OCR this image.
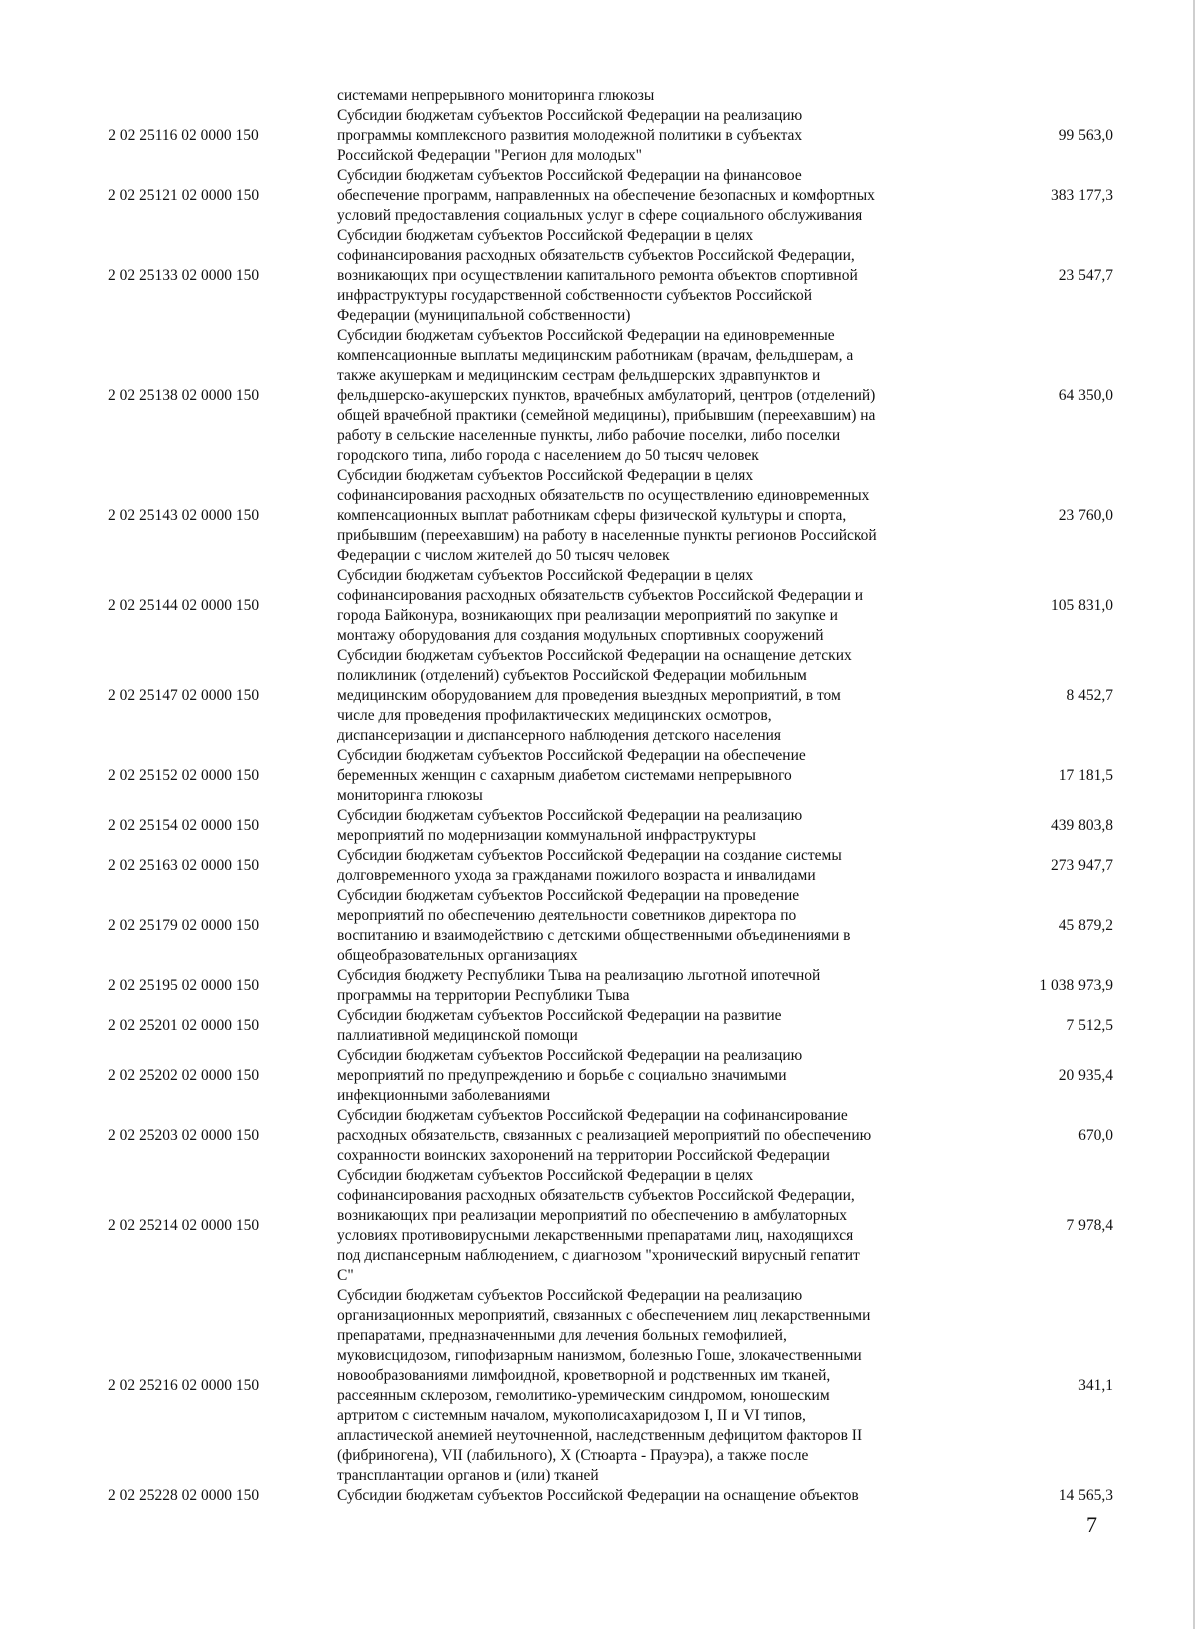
системами непрерывного мониторинга глюкозы
2 02 25116 02 0000 150
Субсидии бюджетам субъектов Российской Федерации на реализацию
программы комплексного развития молодежной политики в субъектах
Российской Федерации "Регион для молодых"
99 563,0
2 02 25121 02 0000 150
Субсидии бюджетам субъектов Российской Федерации на финансовое
обеспечение программ, направленных на обеспечение безопасных и комфортных
условий предоставления социальных услуг в сфере социального обслуживания
383 177,3
2 02 25133 02 0000 150
Субсидии бюджетам субъектов Российской Федерации в целях
софинансирования расходных обязательств субъектов Российской Федерации,
возникающих при осуществлении капитального ремонта объектов спортивной
инфраструктуры государственной собственности субъектов Российской
Федерации (муниципальной собственности)
23 547,7
2 02 25138 02 0000 150
Субсидии бюджетам субъектов Российской Федерации на единовременные
компенсационные выплаты медицинским работникам (врачам, фельдшерам, а
также акушеркам и медицинским сестрам фельдшерских здравпунктов и
фельдшерско-акушерских пунктов, врачебных амбулаторий, центров (отделений)
общей врачебной практики (семейной медицины), прибывшим (переехавшим) на
работу в сельские населенные пункты, либо рабочие поселки, либо поселки
городского типа, либо города с населением до 50 тысяч человек
64 350,0
2 02 25143 02 0000 150
Субсидии бюджетам субъектов Российской Федерации в целях
софинансирования расходных обязательств по осуществлению единовременных
компенсационных выплат работникам сферы физической культуры и спорта,
прибывшим (переехавшим) на работу в населенные пункты регионов Российской
Федерации с числом жителей до 50 тысяч человек
23 760,0
2 02 25144 02 0000 150
Субсидии бюджетам субъектов Российской Федерации в целях
софинансирования расходных обязательств субъектов Российской Федерации и
города Байконура, возникающих при реализации мероприятий по закупке и
монтажу оборудования для создания модульных спортивных сооружений
105 831,0
2 02 25147 02 0000 150
Субсидии бюджетам субъектов Российской Федерации на оснащение детских
поликлиник (отделений) субъектов Российской Федерации мобильным
медицинским оборудованием для проведения выездных мероприятий, в том
числе для проведения профилактических медицинских осмотров,
диспансеризации и диспансерного наблюдения детского населения
8 452,7
2 02 25152 02 0000 150
Субсидии бюджетам субъектов Российской Федерации на обеспечение
беременных женщин с сахарным диабетом системами непрерывного
мониторинга глюкозы
17 181,5
2 02 25154 02 0000 150
Субсидии бюджетам субъектов Российской Федерации на реализацию
мероприятий по модернизации коммунальной инфраструктуры
439 803,8
2 02 25163 02 0000 150
Субсидии бюджетам субъектов Российской Федерации на создание системы
долговременного ухода за гражданами пожилого возраста и инвалидами
273 947,7
2 02 25179 02 0000 150
Субсидии бюджетам субъектов Российской Федерации на проведение
мероприятий по обеспечению деятельности советников директора по
воспитанию и взаимодействию с детскими общественными объединениями в
общеобразовательных организациях
45 879,2
2 02 25195 02 0000 150
Субсидия бюджету Республики Тыва на реализацию льготной ипотечной
программы на территории Республики Тыва
1 038 973,9
2 02 25201 02 0000 150
Субсидии бюджетам субъектов Российской Федерации на развитие
паллиативной медицинской помощи
7 512,5
2 02 25202 02 0000 150
Субсидии бюджетам субъектов Российской Федерации на реализацию
мероприятий по предупреждению и борьбе с социально значимыми
инфекционными заболеваниями
20 935,4
2 02 25203 02 0000 150
Субсидии бюджетам субъектов Российской Федерации на софинансирование
расходных обязательств, связанных с реализацией мероприятий по обеспечению
сохранности воинских захоронений на территории Российской Федерации
670,0
2 02 25214 02 0000 150
Субсидии бюджетам субъектов Российской Федерации в целях
софинансирования расходных обязательств субъектов Российской Федерации,
возникающих при реализации мероприятий по обеспечению в амбулаторных
условиях противовирусными лекарственными препаратами лиц, находящихся
под диспансерным наблюдением, с диагнозом "хронический вирусный гепатит
С"
7 978,4
2 02 25216 02 0000 150
Субсидии бюджетам субъектов Российской Федерации на реализацию
организационных мероприятий, связанных с обеспечением лиц лекарственными
препаратами, предназначенными для лечения больных гемофилией,
муковисцидозом, гипофизарным нанизмом, болезнью Гоше, злокачественными
новообразованиями лимфоидной, кроветворной и родственных им тканей,
рассеянным склерозом, гемолитико-уремическим синдромом, юношеским
артритом с системным началом, мукополисахаридозом I, II и VI типов,
апластической анемией неуточненной, наследственным дефицитом факторов II
(фибриногена), VII (лабильного), X (Стюарта - Прауэра), а также после
трансплантации органов и (или) тканей
341,1
2 02 25228 02 0000 150	Субсидии бюджетам субъектов Российской Федерации на оснащение объектов	14 565,3
7
